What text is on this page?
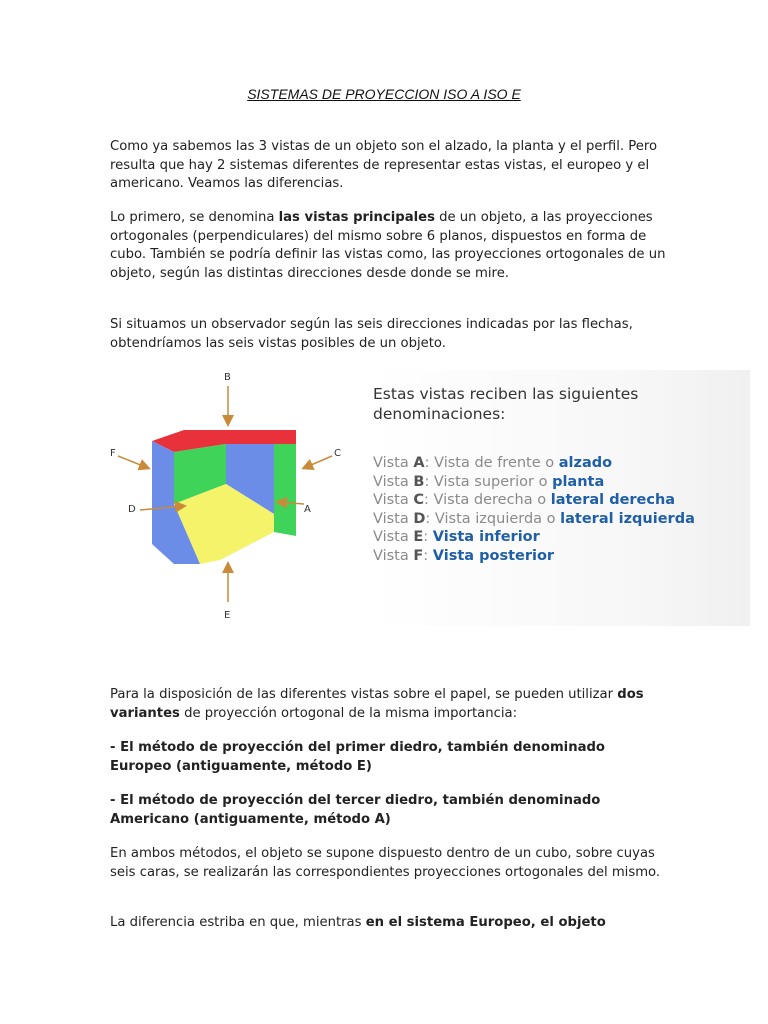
SISTEMAS DE PROYECCION ISO A ISO E

Como ya sabemos las 3 vistas de un objeto son el alzado, la planta y el perfil. Pero resulta que hay 2 sistemas diferentes de representar estas vistas, el europeo y el americano. Veamos las diferencias.

Lo primero, se denomina las vistas principales de un objeto, a las proyecciones ortogonales (perpendiculares) del mismo sobre 6 planos, dispuestos en forma de cubo. También se podría definir las vistas como, las proyecciones ortogonales de un objeto, según las distintas direcciones desde donde se mire.

Si situamos un observador según las seis direcciones indicadas por las flechas, obtendríamos las seis vistas posibles de un objeto.

B
C
A
E
D
F
Estas vistas reciben las siguientes denominaciones:
Vista A: Vista de frente o alzado
Vista B: Vista superior o planta
Vista C: Vista derecha o lateral derecha
Vista D: Vista izquierda o lateral izquierda
Vista E: Vista inferior
Vista F: Vista posterior

Para la disposición de las diferentes vistas sobre el papel, se pueden utilizar dos variantes de proyección ortogonal de la misma importancia:

- El método de proyección del primer diedro, también denominado Europeo (antiguamente, método E)

- El método de proyección del tercer diedro, también denominado Americano (antiguamente, método A)

En ambos métodos, el objeto se supone dispuesto dentro de un cubo, sobre cuyas seis caras, se realizarán las correspondientes proyecciones ortogonales del mismo.

La diferencia estriba en que, mientras en el sistema Europeo, el objeto
